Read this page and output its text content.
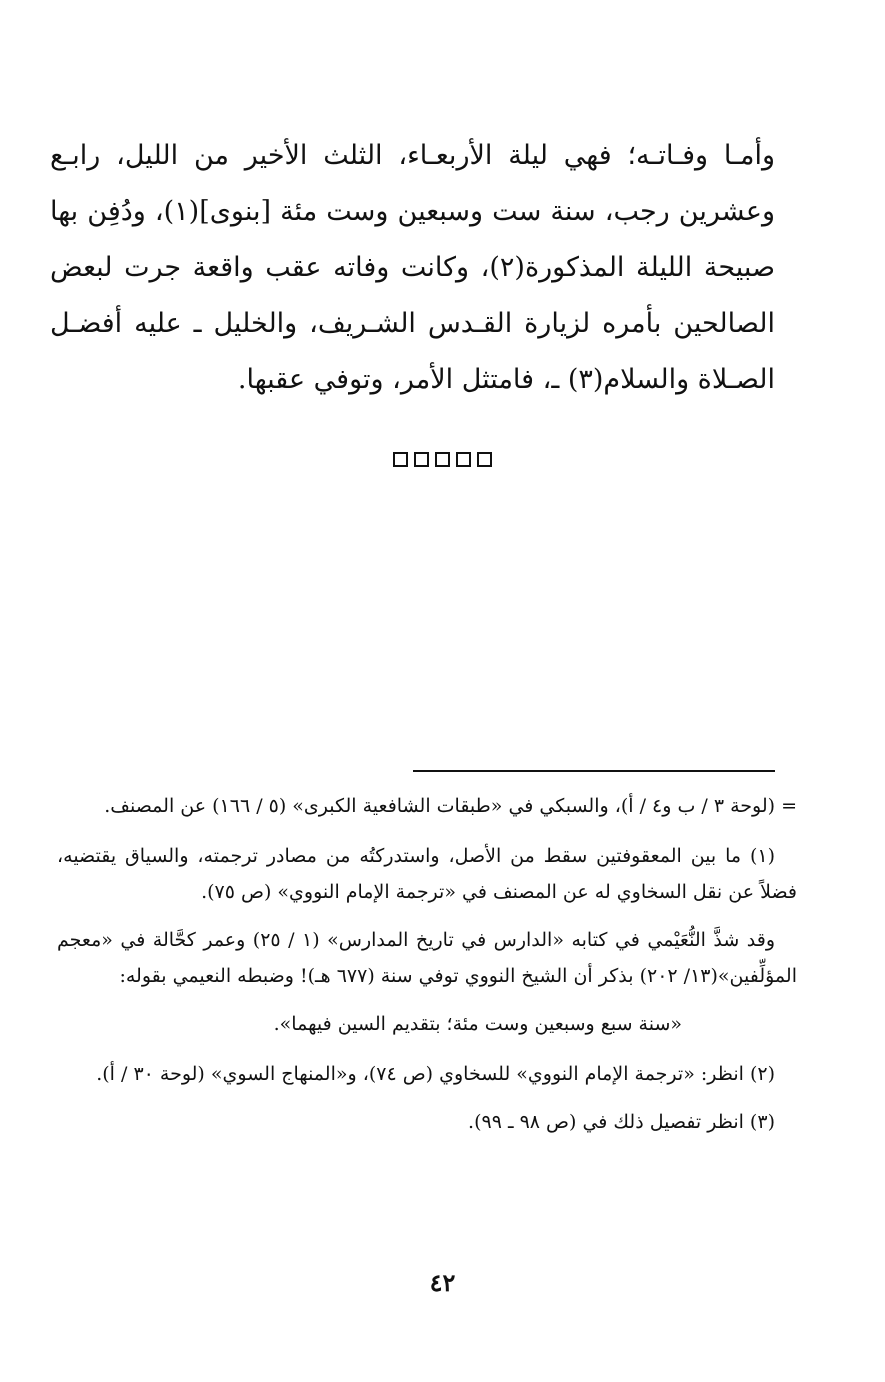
وأمـا وفـاتـه؛ فهي ليلة الأربعـاء، الثلث الأخير من الليل، رابـع وعشرين رجب، سنة ست وسبعين وست مئة [بنوى](١)، ودُفِن بها صبيحة الليلة المذكورة(٢)، وكانت وفاته عقب واقعة جرت لبعض الصالحين بأمره لزيارة القـدس الشـريف، والخليل ـ عليه أفضـل الصـلاة والسلام(٣) ـ، فامتثل الأمر، وتوفي عقبها.

= (لوحة ٣ / ب و٤ / أ)، والسبكي في «طبقات الشافعية الكبرى» (٥ / ١٦٦) عن المصنف.

(١) ما بين المعقوفتين سقط من الأصل، واستدركتُه من مصادر ترجمته، والسياق يقتضيه، فضلاً عن نقل السخاوي له عن المصنف في «ترجمة الإمام النووي» (ص ٧٥).

وقد شذَّ النُّعَيْمي في كتابه «الدارس في تاريخ المدارس» (١ / ٢٥) وعمر كحَّالة في «معجم المؤلِّفين»(١٣/ ٢٠٢) بذكر أن الشيخ النووي توفي سنة (٦٧٧ هـ)! وضبطه النعيمي بقوله:

«سنة سبع وسبعين وست مئة؛ بتقديم السين فيهما».

(٢) انظر: «ترجمة الإمام النووي» للسخاوي (ص ٧٤)، و«المنهاج السوي» (لوحة ٣٠ / أ).

(٣) انظر تفصيل ذلك في (ص ٩٨ ـ ٩٩).

٤٢
